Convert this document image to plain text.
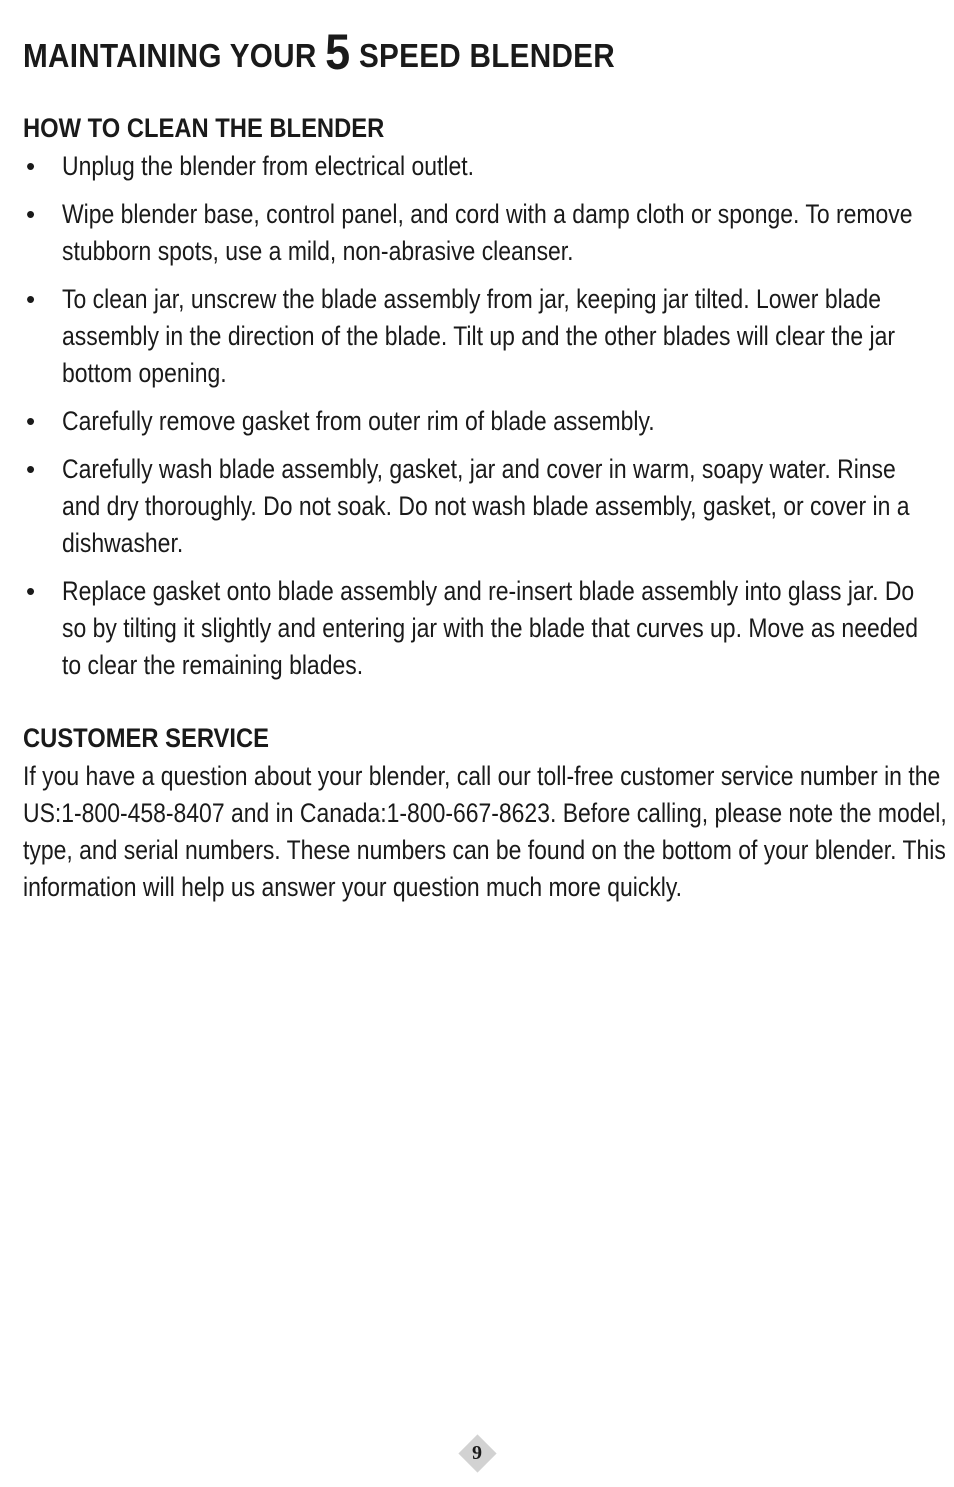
MAINTAINING YOUR 5 SPEED BLENDER
HOW TO CLEAN THE BLENDER
• Unplug the blender from electrical outlet.
• Wipe blender base, control panel, and cord with a damp cloth or sponge. To remove stubborn spots, use a mild, non-abrasive cleanser.
• To clean jar, unscrew the blade assembly from jar, keeping jar tilted. Lower blade assembly in the direction of the blade. Tilt up and the other blades will clear the jar bottom opening.
• Carefully remove gasket from outer rim of blade assembly.
• Carefully wash blade assembly, gasket, jar and cover in warm, soapy water. Rinse and dry thoroughly. Do not soak. Do not wash blade assembly, gasket, or cover in a dishwasher.
• Replace gasket onto blade assembly and re-insert blade assembly into glass jar. Do so by tilting it slightly and entering jar with the blade that curves up. Move as needed to clear the remaining blades.
CUSTOMER SERVICE
If you have a question about your blender, call our toll-free customer service number in the US:1-800-458-8407 and in Canada:1-800-667-8623. Before calling, please note the model, type, and serial numbers. These numbers can be found on the bottom of your blender. This information will help us answer your question much more quickly.
9
